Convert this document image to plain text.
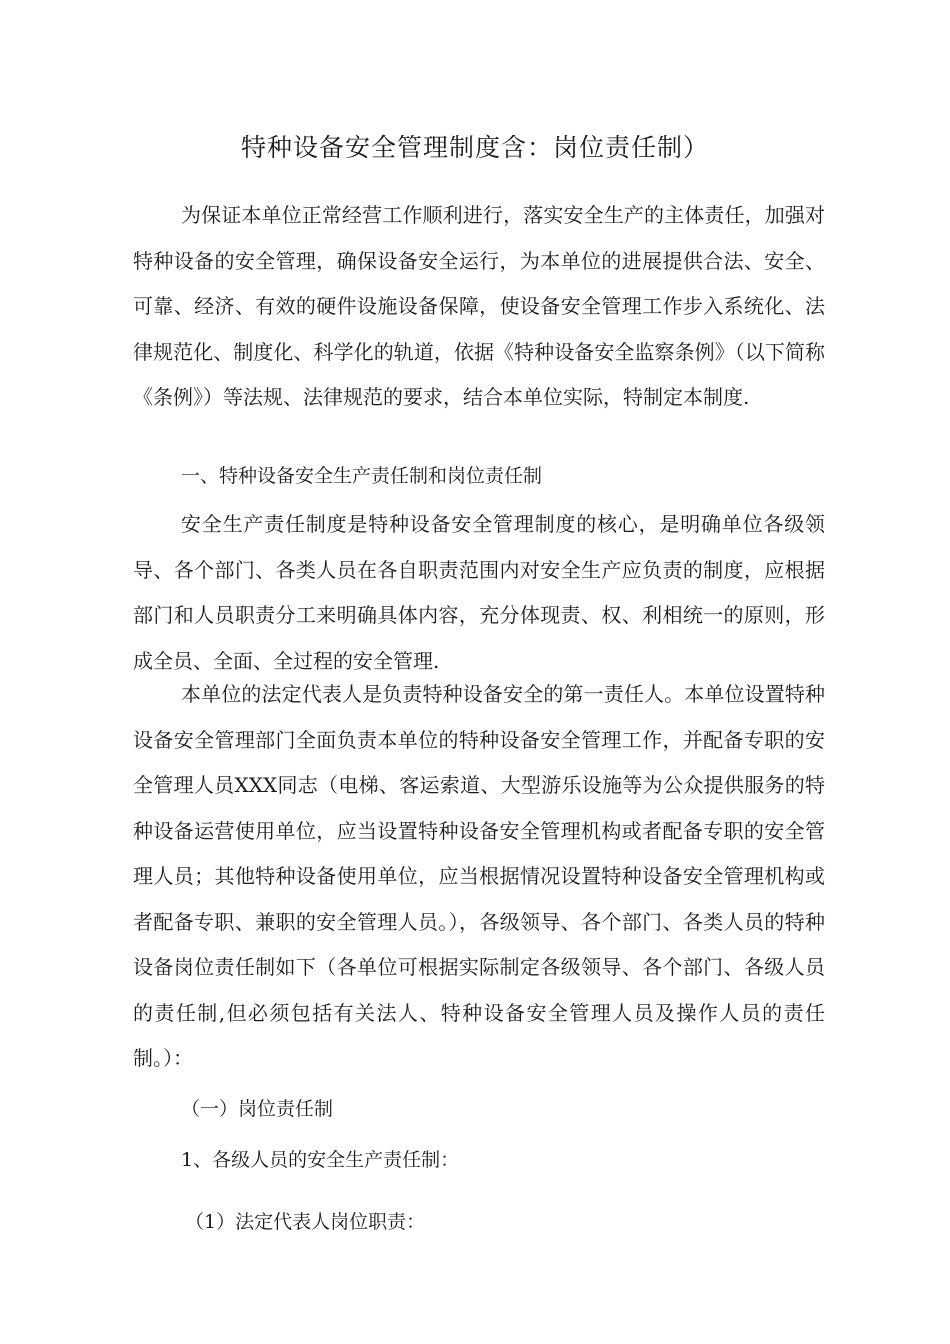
特种设备安全管理制度含：岗位责任制）

为保证本单位正常经营工作顺利进行，落实安全生产的主体责任，加强对特种设备的安全管理，确保设备安全运行，为本单位的进展提供合法、安全、可靠、经济、有效的硬件设施设备保障，使设备安全管理工作步入系统化、法律规范化、制度化、科学化的轨道，依据《特种设备安全监察条例》（以下简称《条例》）等法规、法律规范的要求，结合本单位实际，特制定本制度.

一、特种设备安全生产责任制和岗位责任制

安全生产责任制度是特种设备安全管理制度的核心，是明确单位各级领导、各个部门、各类人员在各自职责范围内对安全生产应负责的制度，应根据部门和人员职责分工来明确具体内容，充分体现责、权、利相统一的原则，形成全员、全面、全过程的安全管理.

本单位的法定代表人是负责特种设备安全的第一责任人。本单位设置特种设备安全管理部门全面负责本单位的特种设备安全管理工作，并配备专职的安全管理人员XXX同志（电梯、客运索道、大型游乐设施等为公众提供服务的特种设备运营使用单位，应当设置特种设备安全管理机构或者配备专职的安全管理人员；其他特种设备使用单位，应当根据情况设置特种设备安全管理机构或者配备专职、兼职的安全管理人员。），各级领导、各个部门、各类人员的特种设备岗位责任制如下（各单位可根据实际制定各级领导、各个部门、各级人员的责任制,但必须包括有关法人、特种设备安全管理人员及操作人员的责任制。）：

（一）岗位责任制

1、各级人员的安全生产责任制：

（1）法定代表人岗位职责：
